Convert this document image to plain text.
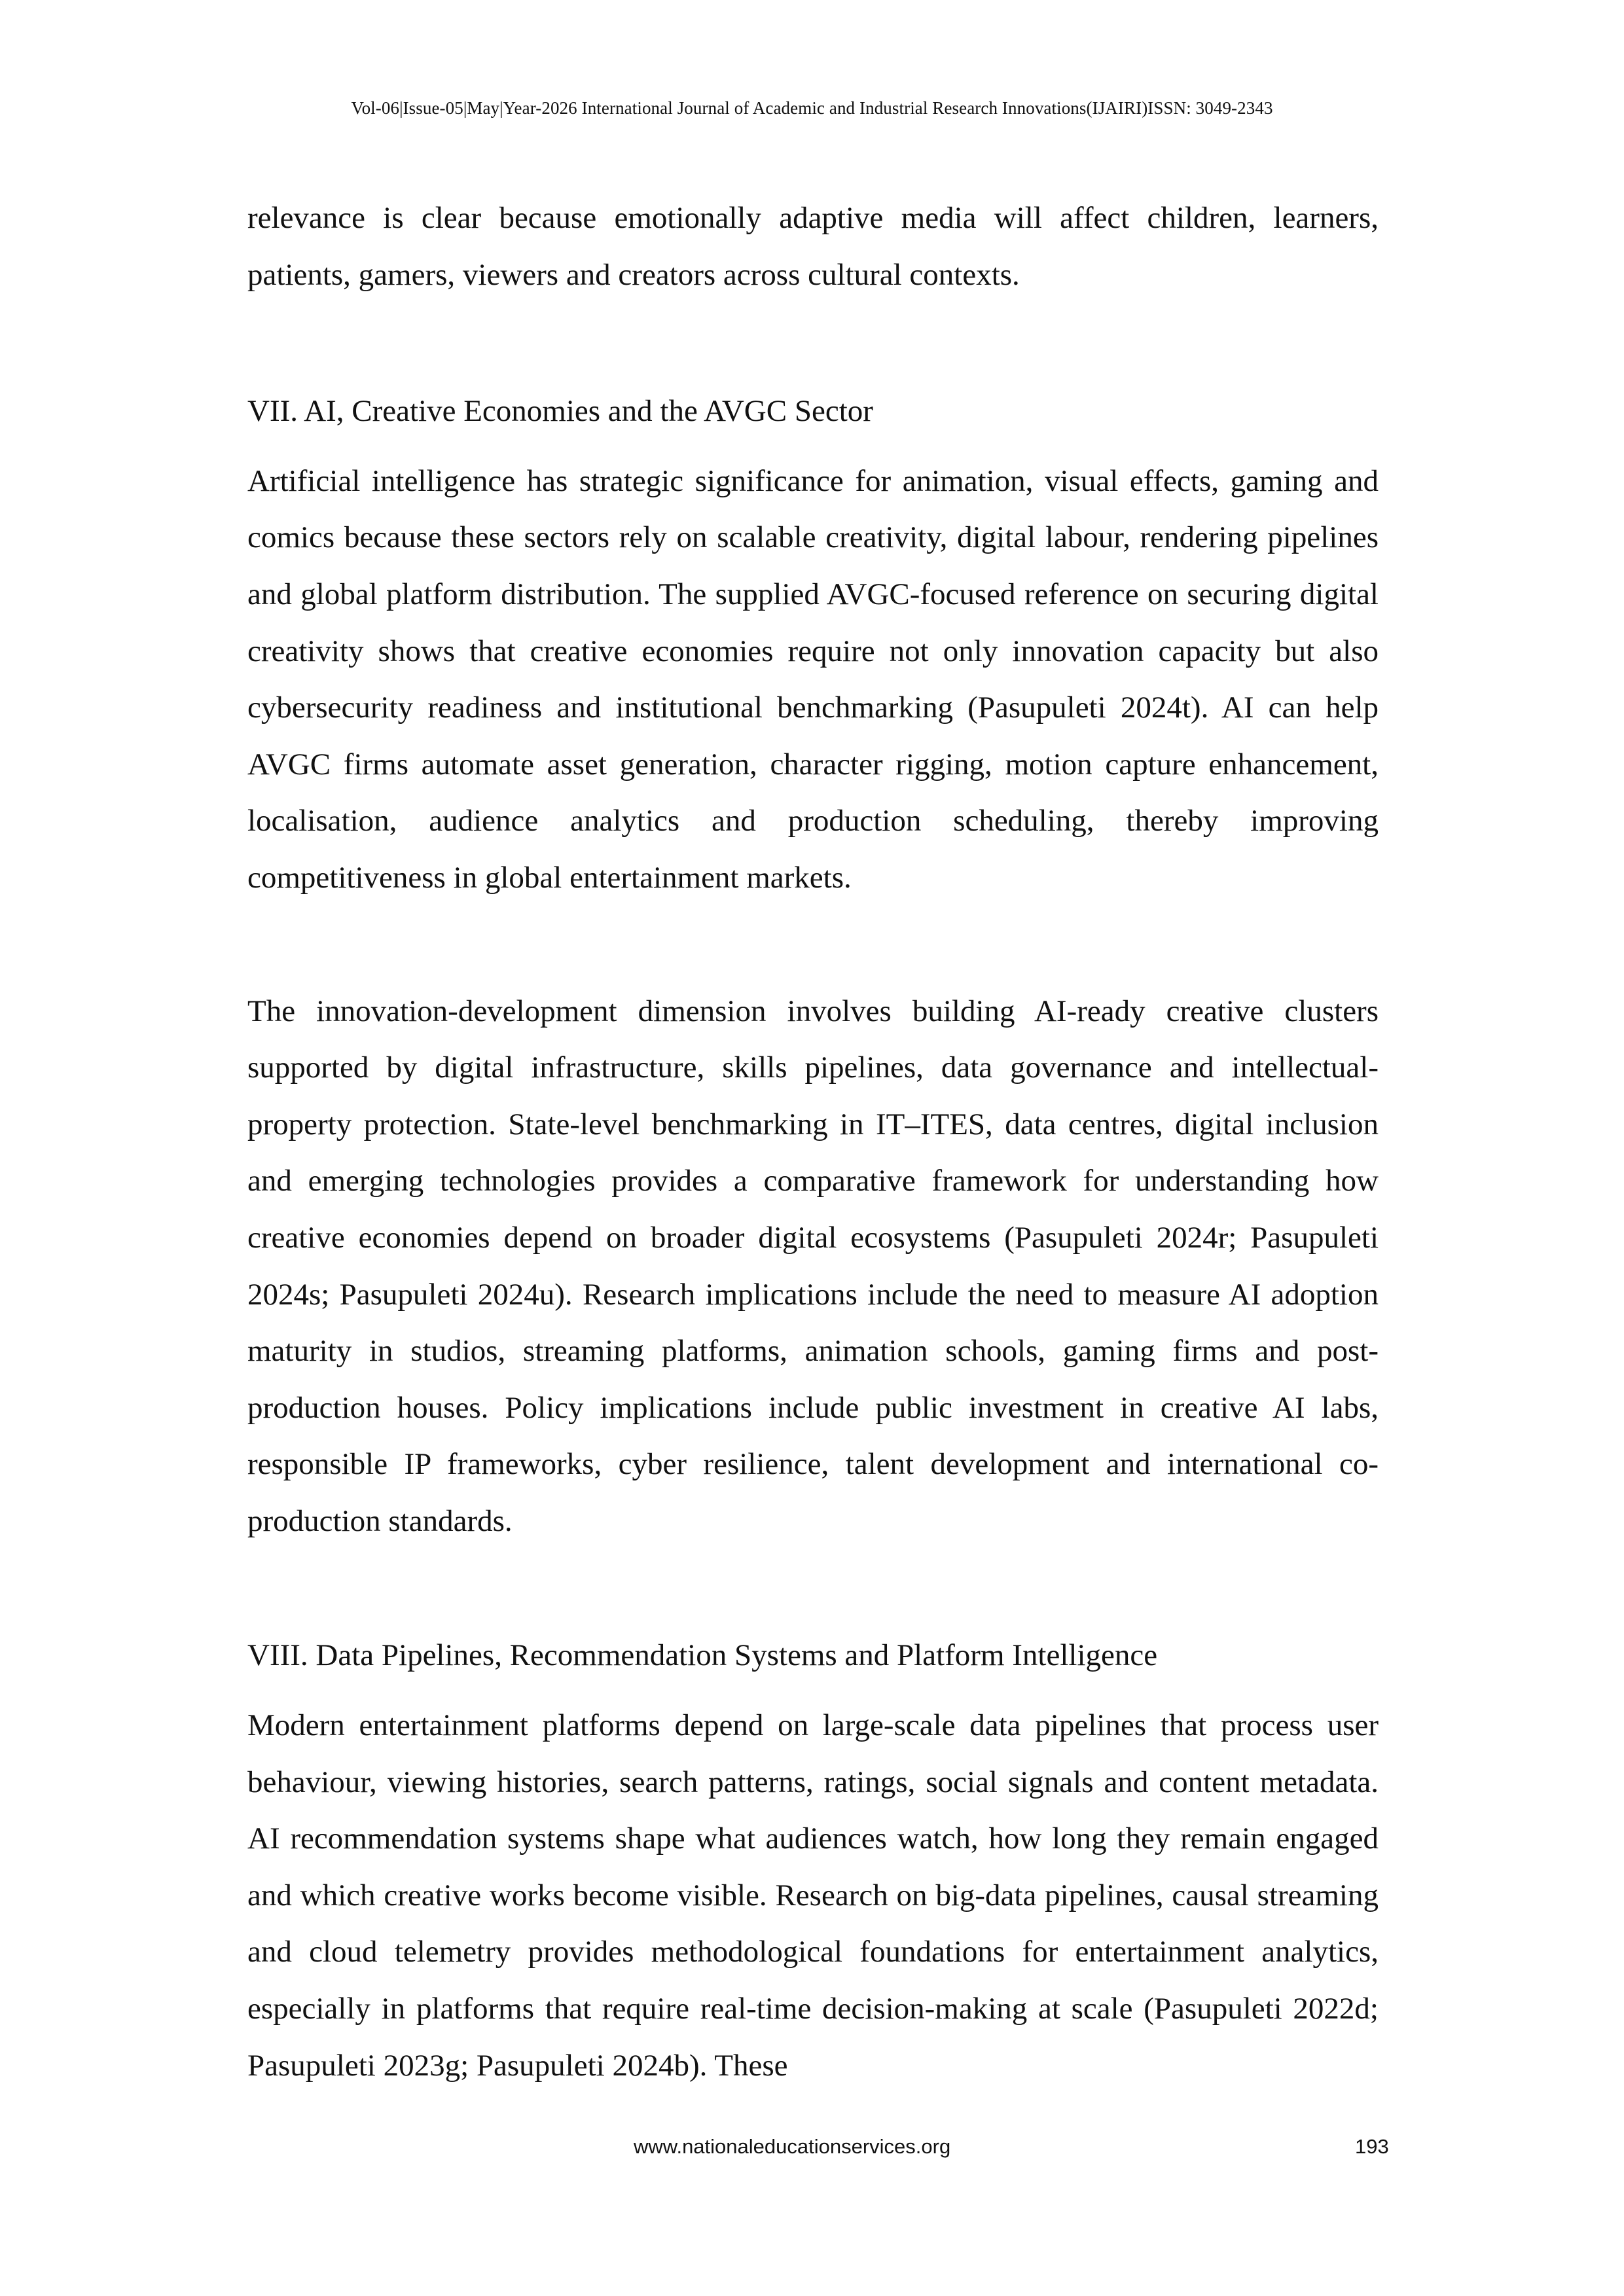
Vol-06|Issue-05|May|Year-2026 International Journal of Academic and Industrial Research Innovations(IJAIRI)ISSN: 3049-2343

relevance is clear because emotionally adaptive media will affect children, learners, patients, gamers, viewers and creators across cultural contexts.

VII. AI, Creative Economies and the AVGC Sector

Artificial intelligence has strategic significance for animation, visual effects, gaming and comics because these sectors rely on scalable creativity, digital labour, rendering pipelines and global platform distribution. The supplied AVGC-focused reference on securing digital creativity shows that creative economies require not only innovation capacity but also cybersecurity readiness and institutional benchmarking (Pasupuleti 2024t). AI can help AVGC firms automate asset generation, character rigging, motion capture enhancement, localisation, audience analytics and production scheduling, thereby improving competitiveness in global entertainment markets.

The innovation-development dimension involves building AI-ready creative clusters supported by digital infrastructure, skills pipelines, data governance and intellectual-property protection. State-level benchmarking in IT–ITES, data centres, digital inclusion and emerging technologies provides a comparative framework for understanding how creative economies depend on broader digital ecosystems (Pasupuleti 2024r; Pasupuleti 2024s; Pasupuleti 2024u). Research implications include the need to measure AI adoption maturity in studios, streaming platforms, animation schools, gaming firms and post-production houses. Policy implications include public investment in creative AI labs, responsible IP frameworks, cyber resilience, talent development and international co-production standards.

VIII. Data Pipelines, Recommendation Systems and Platform Intelligence

Modern entertainment platforms depend on large-scale data pipelines that process user behaviour, viewing histories, search patterns, ratings, social signals and content metadata. AI recommendation systems shape what audiences watch, how long they remain engaged and which creative works become visible. Research on big-data pipelines, causal streaming and cloud telemetry provides methodological foundations for entertainment analytics, especially in platforms that require real-time decision-making at scale (Pasupuleti 2022d; Pasupuleti 2023g; Pasupuleti 2024b). These

www.nationaleducationservices.org	193
